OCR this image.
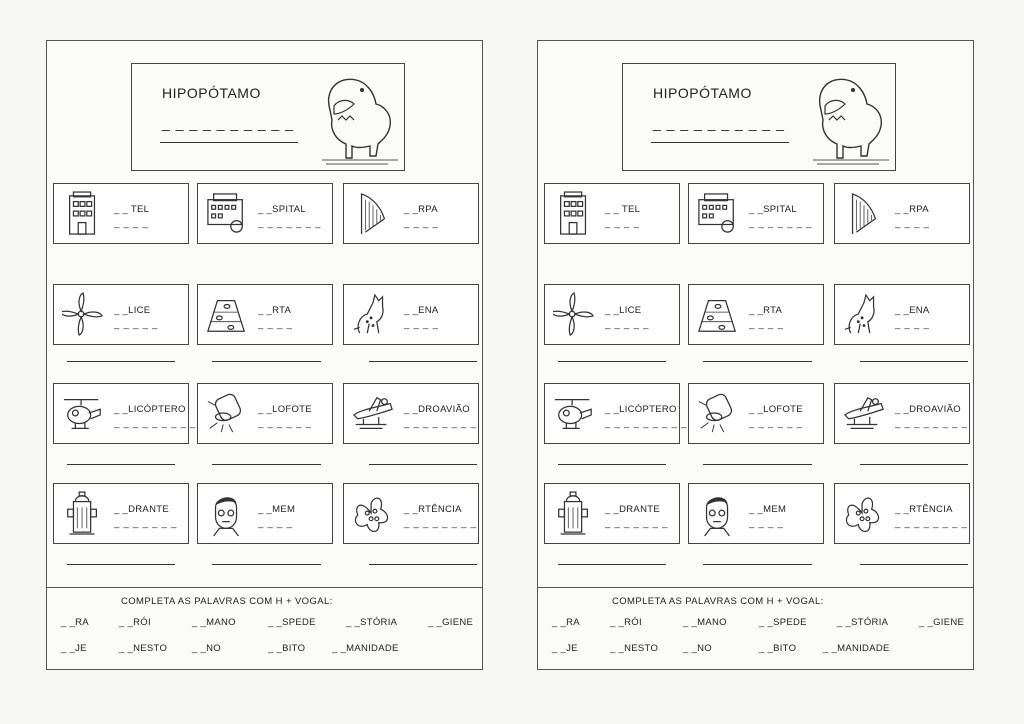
HIPOPÓTAMO
_ _ _ _ _ _ _ _ _ _
COMPLETA AS PALAVRAS COM H + VOGAL:
_ _ TEL
_ _ _ _
_ _SPITAL
_ _ _ _ _ _ _
_ _RPA
_ _ _ _
_ _LICE
_ _ _ _ _
_ _RTA
_ _ _ _
_ _ENA
_ _ _ _
_ _LICÓPTERO
_ _ _ _ _ _ _ _ _
_ _LOFOTE
_ _ _ _ _ _
_ _DROAVIÃO
_ _ _ _ _ _ _ _
_ _DRANTE
_ _ _ _ _ _ _
_ _MEM
_ _ _ _
_ _RTÊNCIA
_ _ _ _ _ _ _ _
_ _RA	_ _RÓI	_ _MANO	_ _SPEDE	_ _STÓRIA	_ _GIENE
_ _JE	_ _NESTO	_ _NO	_ _BITO	_ _MANIDADE
HIPOPÓTAMO
_ _ _ _ _ _ _ _ _ _
COMPLETA AS PALAVRAS COM H + VOGAL:
_ _ TEL
_ _ _ _
_ _SPITAL
_ _ _ _ _ _ _
_ _RPA
_ _ _ _
_ _LICE
_ _ _ _ _
_ _RTA
_ _ _ _
_ _ENA
_ _ _ _
_ _LICÓPTERO
_ _ _ _ _ _ _ _ _
_ _LOFOTE
_ _ _ _ _ _
_ _DROAVIÃO
_ _ _ _ _ _ _ _
_ _DRANTE
_ _ _ _ _ _ _
_ _MEM
_ _ _ _
_ _RTÊNCIA
_ _ _ _ _ _ _ _
_ _RA	_ _RÓI	_ _MANO	_ _SPEDE	_ _STÓRIA	_ _GIENE
_ _JE	_ _NESTO	_ _NO	_ _BITO	_ _MANIDADE
